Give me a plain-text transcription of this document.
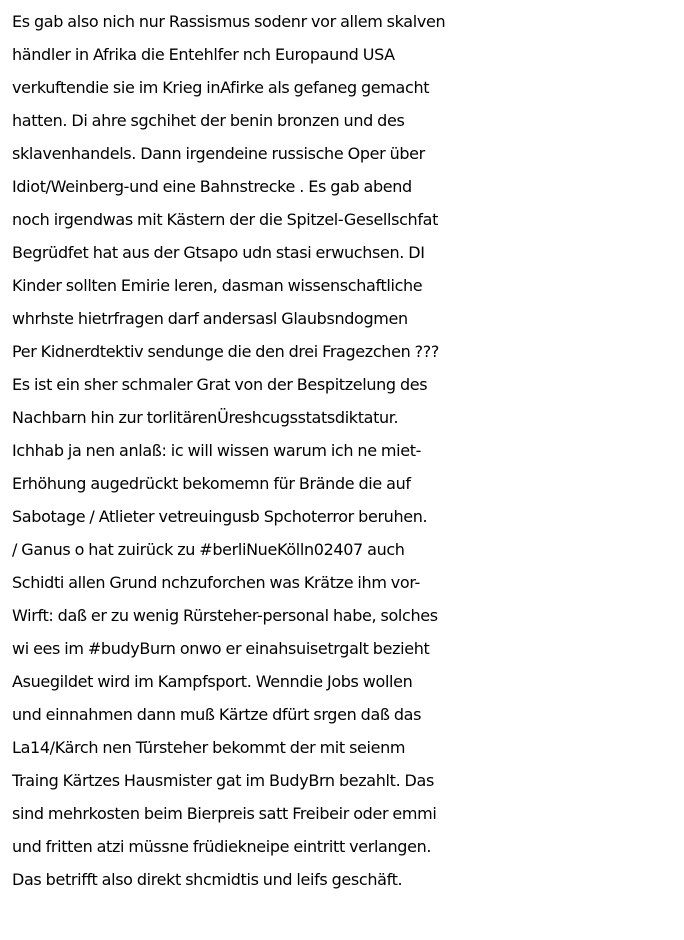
Es gab also nich nur Rassismus sodenr vor allem skalven
händler in Afrika die Entehlfer nch Europaund USA
verkuftendie sie im Krieg inAfirke als gefaneg gemacht
hatten. Di ahre sgchihet der benin bronzen und des
sklavenhandels. Dann irgendeine russische Oper über
Idiot/Weinberg-und eine Bahnstrecke . Es gab abend
noch irgendwas mit Kästern der die Spitzel-Gesellschfat
Begrüdfet hat aus der Gtsapo udn stasi erwuchsen. DI
Kinder sollten Emirie leren, dasman wissenschaftliche
whrhste hietrfragen darf andersasl Glaubsndogmen
Per Kidnerdtektiv sendunge die den drei Fragezchen ???
Es ist ein sher schmaler Grat von der Bespitzelung des
Nachbarn hin zur torlitärenÜreshcugsstatsdiktatur.
Ichhab ja nen anlaß: ic will wissen warum ich ne miet-
Erhöhung augedrückt bekomemn für Brände die auf
Sabotage / Atlieter vetreuingusb Spchoterror beruhen.
/ Ganus o hat zuirück zu #berliNueKölln02407 auch
Schidti allen Grund nchzuforchen was Krätze ihm vor-
Wirft: daß er zu wenig Rürsteher-personal habe, solches
wi ees im #budyBurn onwo er einahsuisetrgalt bezieht
Asuegildet wird im Kampfsport. Wenndie Jobs wollen
und einnahmen dann muß Kärtze dfürt srgen daß das
La14/Kärch nen Türsteher bekommt der mit seienm
Traing Kärtzes Hausmister gat im BudyBrn bezahlt. Das
sind mehrkosten beim Bierpreis satt Freibeir oder emmi
und fritten atzi müssne früdiekneipe eintritt verlangen.
Das betrifft also direkt shcmidtis und leifs geschäft.
